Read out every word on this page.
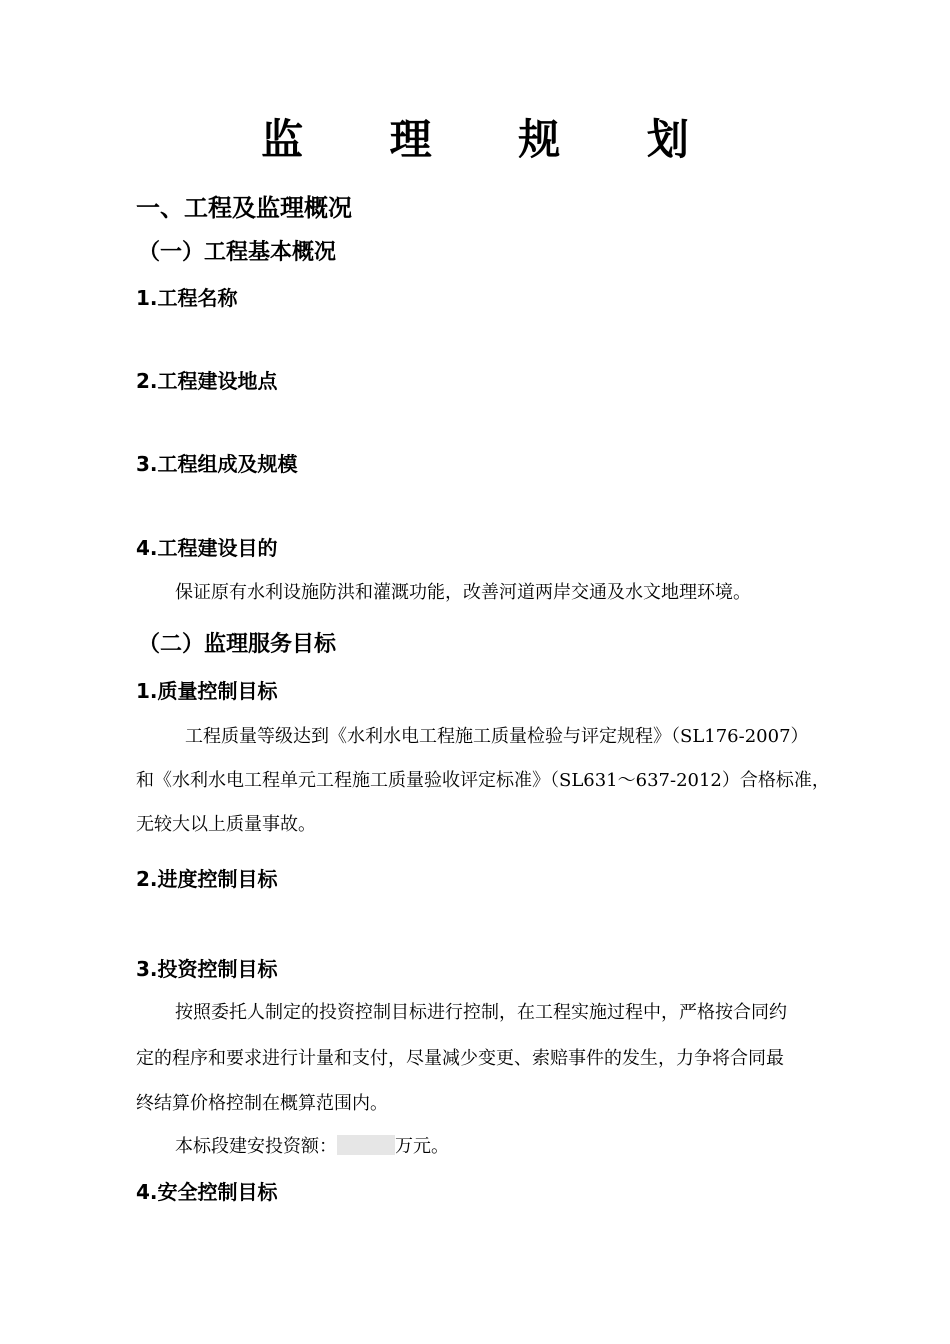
监 理 规 划
一、工程及监理概况
（一）工程基本概况
1.工程名称
2.工程建设地点
3.工程组成及规模
4.工程建设目的
保证原有水利设施防洪和灌溉功能，改善河道两岸交通及水文地理环境。
（二）监理服务目标
1.质量控制目标
工程质量等级达到《水利水电工程施工质量检验与评定规程》（SL176-2007）
和《水利水电工程单元工程施工质量验收评定标准》（SL631～637-2012）合格标准，
无较大以上质量事故。
2.进度控制目标
3.投资控制目标
按照委托人制定的投资控制目标进行控制，在工程实施过程中，严格按合同约
定的程序和要求进行计量和支付，尽量减少变更、索赔事件的发生，力争将合同最
终结算价格控制在概算范围内。
本标段建安投资额：	万元。
4.安全控制目标
